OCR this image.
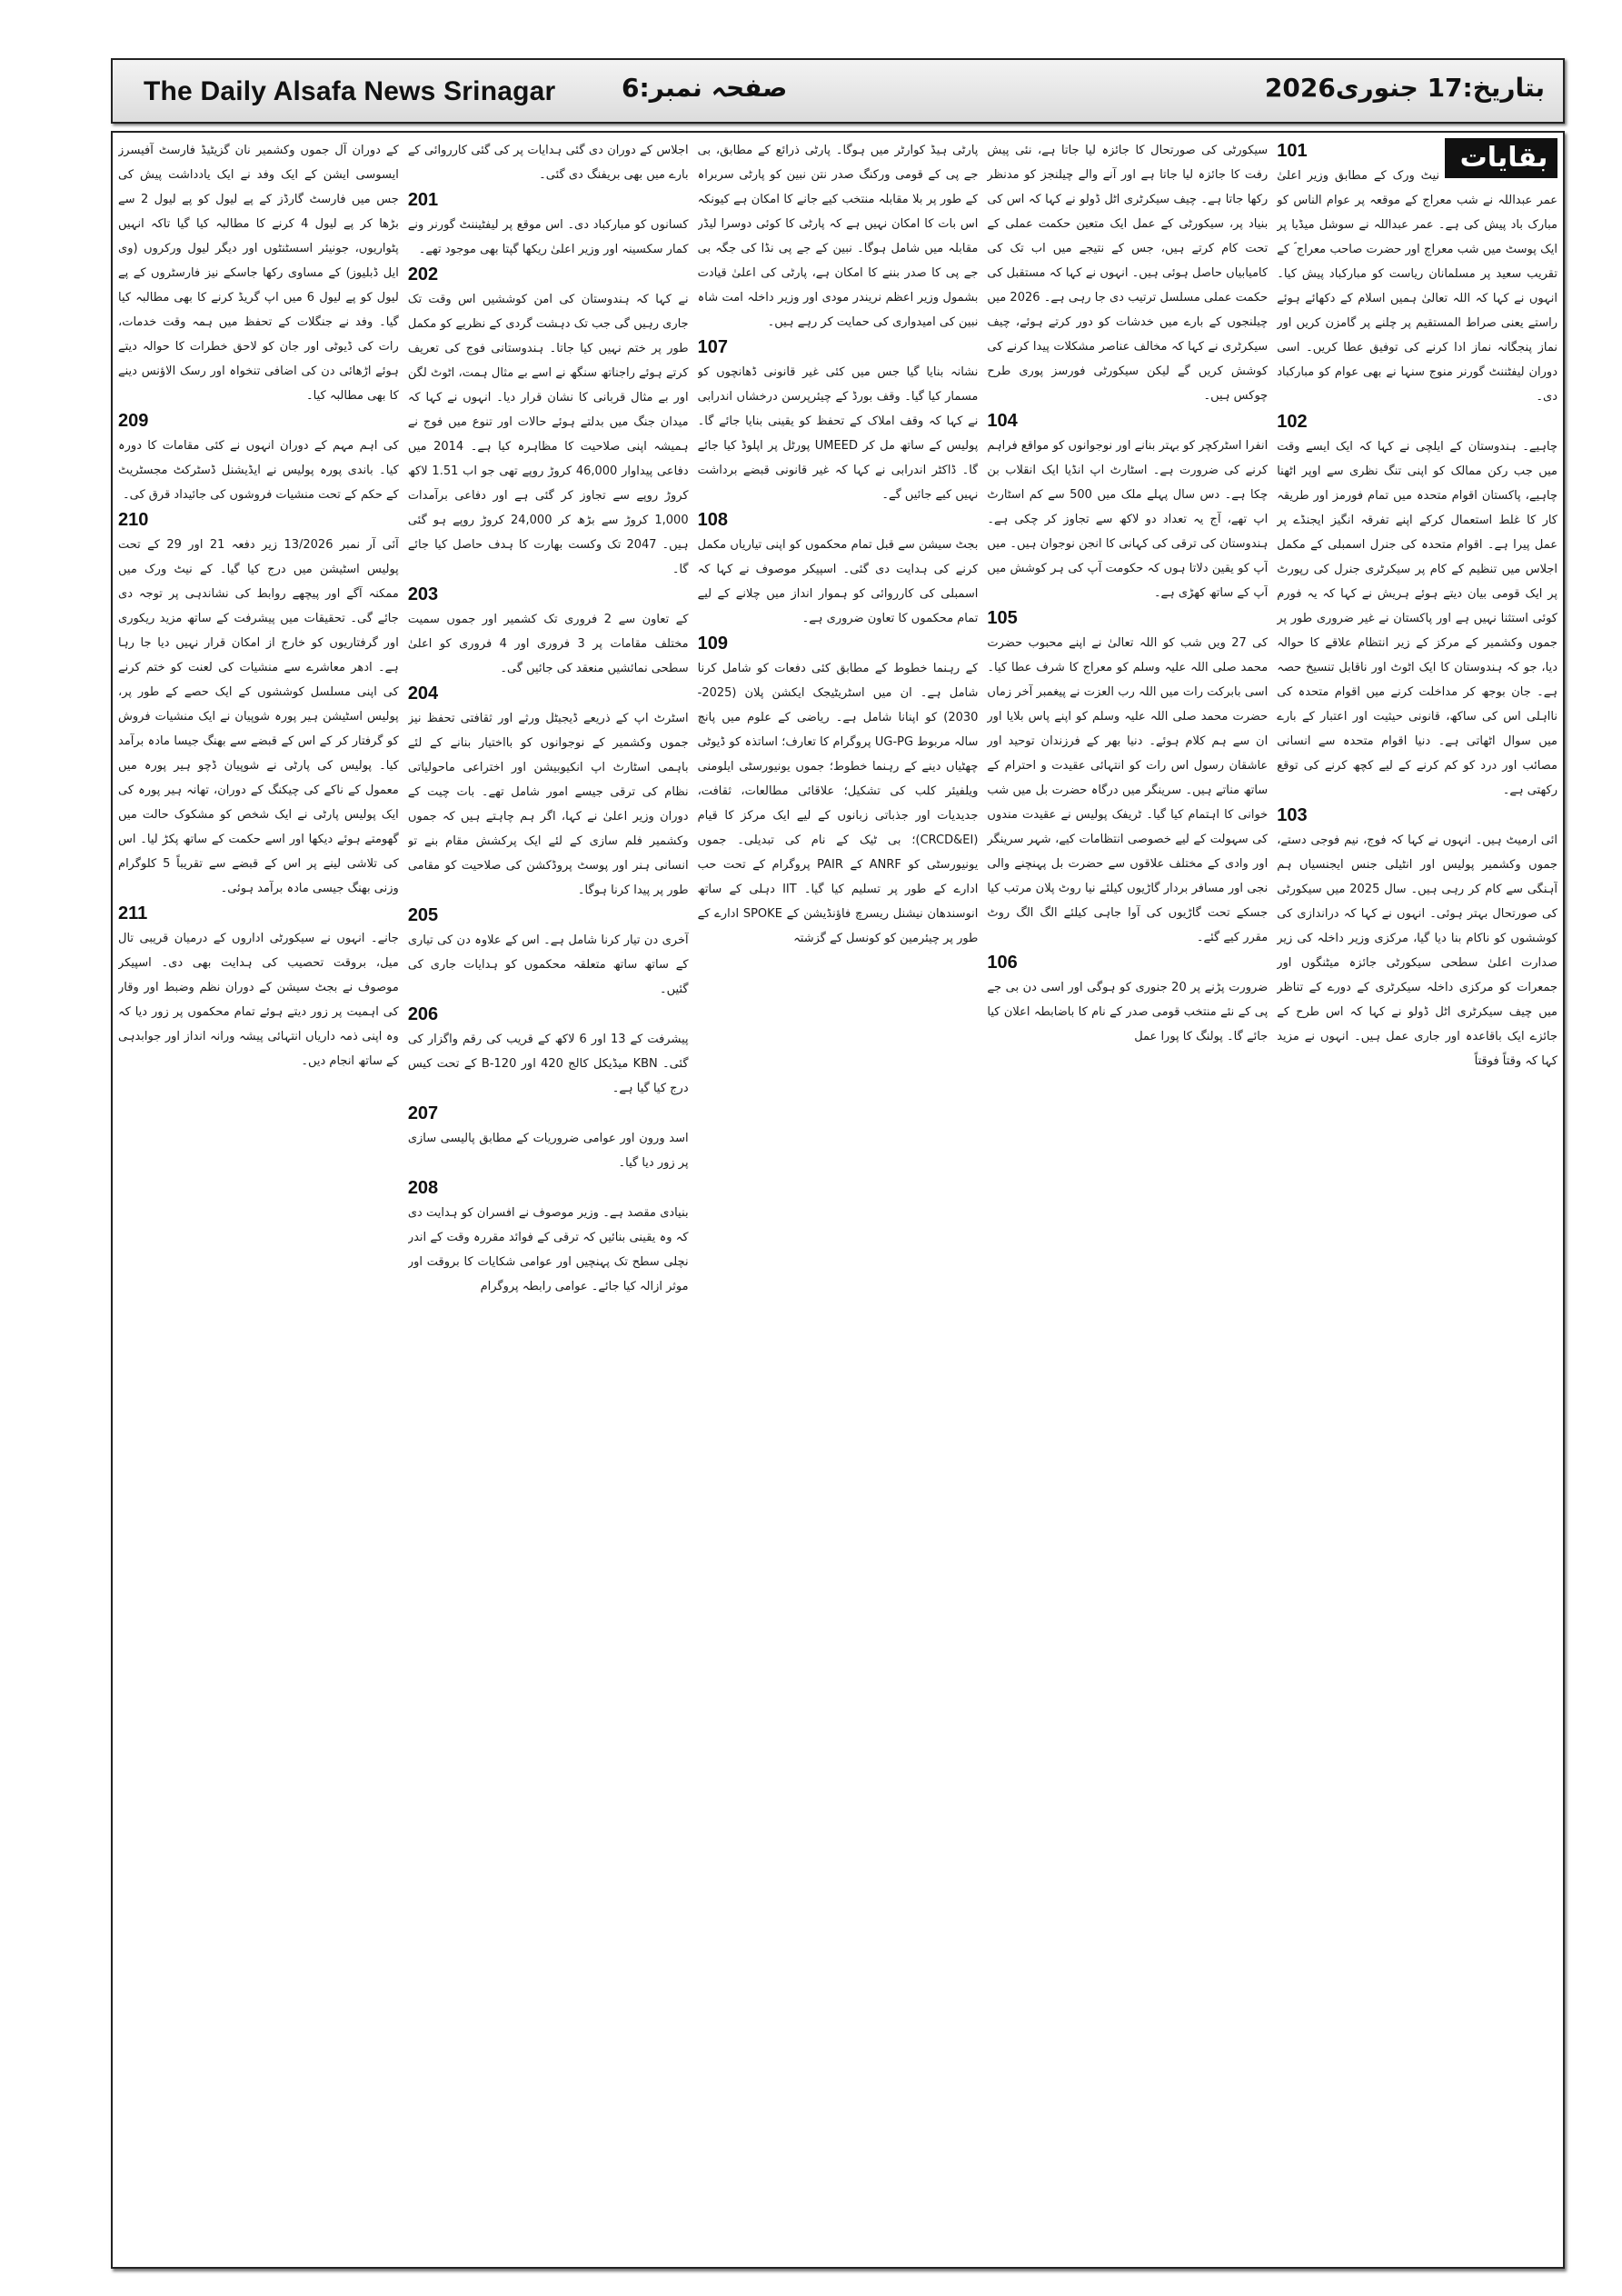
The Daily Alsafa News Srinagar	صفحہ نمبر:6	بتاریخ:17 جنوری2026
بقایات
101
نیٹ ورک کے مطابق وزیر اعلیٰ عمر عبداللہ نے شب معراج کے موقعہ پر عوام الناس کو مبارک باد پیش کی ہے۔ عمر عبداللہ نے سوشل میڈیا پر ایک پوسٹ میں شب معراج اور حضرت صاحب معراج ؐ کے تقریب سعید پر مسلمانان ریاست کو مبارکباد پیش کیا۔ انہوں نے کہا کہ اللہ تعالیٰ ہمیں اسلام کے دکھائے ہوئے راستے یعنی صراط المستقیم پر چلنے پر گامزن کریں اور نماز پنجگانہ نماز ادا کرنے کی توفیق عطا کریں۔ اسی دوران لیفٹننٹ گورنر منوج سنہا نے بھی عوام کو مبارکباد دی۔
102
چاہیے۔ ہندوستان کے ایلچی نے کہا کہ ایک ایسے وقت میں جب رکن ممالک کو اپنی تنگ نظری سے اوپر اٹھنا چاہیے، پاکستان اقوام متحدہ میں تمام فورمز اور طریقہ کار کا غلط استعمال کرکے اپنے تفرقہ انگیز ایجنڈے پر عمل پیرا ہے۔ اقوام متحدہ کی جنرل اسمبلی کے مکمل اجلاس میں تنظیم کے کام پر سیکرٹری جنرل کی رپورٹ پر ایک قومی بیان دیتے ہوئے ہریش نے کہا کہ یہ فورم کوئی استثنا نہیں ہے اور پاکستان نے غیر ضروری طور پر جموں وکشمیر کے مرکز کے زیر انتظام علاقے کا حوالہ دیا، جو کہ ہندوستان کا ایک اٹوٹ اور ناقابل تنسیخ حصہ ہے۔ جان بوجھ کر مداخلت کرنے میں اقوام متحدہ کی نااہلی اس کی ساکھ، قانونی حیثیت اور اعتبار کے بارے میں سوال اٹھاتی ہے۔ دنیا اقوام متحدہ سے انسانی مصائب اور درد کو کم کرنے کے لیے کچھ کرنے کی توقع رکھتی ہے۔
103
ائی ارمیٹ ہیں۔ انہوں نے کہا کہ فوج، نیم فوجی دستے، جموں وکشمیر پولیس اور انٹیلی جنس ایجنسیاں ہم آہنگی سے کام کر رہی ہیں۔ سال 2025 میں سیکورٹی کی صورتحال بہتر ہوئی۔ انہوں نے کہا کہ دراندازی کی کوششوں کو ناکام بنا دیا گیا، مرکزی وزیر داخلہ کی زیر صدارت اعلیٰ سطحی سیکورٹی جائزہ میٹنگوں اور جمعرات کو مرکزی داخلہ سیکرٹری کے دورے کے تناظر میں چیف سیکرٹری اٹل ڈولو نے کہا کہ اس طرح کے جائزے ایک باقاعدہ اور جاری عمل ہیں۔ انہوں نے مزید کہا کہ وقتاً فوقتاً
سیکورٹی کی صورتحال کا جائزہ لیا جاتا ہے، نئی پیش رفت کا جائزہ لیا جاتا ہے اور آنے والے چیلنجز کو مدنظر رکھا جاتا ہے۔ چیف سیکرٹری اٹل ڈولو نے کہا کہ اس کی بنیاد پر، سیکورٹی کے عمل ایک متعین حکمت عملی کے تحت کام کرتے ہیں، جس کے نتیجے میں اب تک کی کامیابیاں حاصل ہوئی ہیں۔ انہوں نے کہا کہ مستقبل کی حکمت عملی مسلسل ترتیب دی جا رہی ہے۔ 2026 میں چیلنجوں کے بارے میں خدشات کو دور کرتے ہوئے، چیف سیکرٹری نے کہا کہ مخالف عناصر مشکلات پیدا کرنے کی کوشش کریں گے لیکن سیکورٹی فورسز پوری طرح چوکس ہیں۔
104
انفرا اسٹرکچر کو بہتر بنانے اور نوجوانوں کو مواقع فراہم کرنے کی ضرورت ہے۔ اسٹارٹ اپ انڈیا ایک انقلاب بن چکا ہے۔ دس سال پہلے ملک میں 500 سے کم اسٹارٹ اپ تھے، آج یہ تعداد دو لاکھ سے تجاوز کر چکی ہے۔ ہندوستان کی ترقی کی کہانی کا انجن نوجوان ہیں۔ میں آپ کو یقین دلاتا ہوں کہ حکومت آپ کی ہر کوشش میں آپ کے ساتھ کھڑی ہے۔
105
کی 27 ویں شب کو اللہ تعالیٰ نے اپنے محبوب حضرت محمد صلی اللہ علیہ وسلم کو معراج کا شرف عطا کیا۔ اسی بابرکت رات میں اللہ رب العزت نے پیغمبر آخر زماں حضرت محمد صلی اللہ علیہ وسلم کو اپنے پاس بلایا اور ان سے ہم کلام ہوئے۔ دنیا بھر کے فرزندان توحید اور عاشقان رسول اس رات کو انتہائی عقیدت و احترام کے ساتھ مناتے ہیں۔ سرینگر میں درگاہ حضرت بل میں شب خوانی کا اہتمام کیا گیا۔ ٹریفک پولیس نے عقیدت مندوں کی سہولت کے لیے خصوصی انتظامات کیے، شہر سرینگر اور وادی کے مختلف علاقوں سے حضرت بل پہنچنے والی نجی اور مسافر بردار گاڑیوں کیلئے نیا روٹ پلان مرتب کیا جسکے تحت گاڑیوں کی آوا جاہی کیلئے الگ الگ روٹ مقرر کیے گئے۔
106
ضرورت پڑنے پر 20 جنوری کو ہوگی اور اسی دن بی جے پی کے نئے منتخب قومی صدر کے نام کا باضابطہ اعلان کیا جائے گا۔ پولنگ کا پورا عمل
پارٹی ہیڈ کوارٹر میں ہوگا۔ پارٹی ذرائع کے مطابق، بی جے پی کے قومی ورکنگ صدر نتن نبین کو پارٹی سربراہ کے طور پر بلا مقابلہ منتخب کیے جانے کا امکان ہے کیونکہ اس بات کا امکان نہیں ہے کہ پارٹی کا کوئی دوسرا لیڈر مقابلہ میں شامل ہوگا۔ نبین کے جے پی نڈا کی جگہ بی جے پی کا صدر بننے کا امکان ہے، پارٹی کی اعلیٰ قیادت بشمول وزیر اعظم نریندر مودی اور وزیر داخلہ امت شاہ نبین کی امیدواری کی حمایت کر رہے ہیں۔
107
نشانہ بنایا گیا جس میں کئی غیر قانونی ڈھانچوں کو مسمار کیا گیا۔ وقف بورڈ کے چیئرپرسن درخشاں اندرابی نے کہا کہ وقف املاک کے تحفظ کو یقینی بنایا جائے گا۔ پولیس کے ساتھ مل کر UMEED پورٹل پر اپلوڈ کیا جائے گا۔ ڈاکٹر اندرابی نے کہا کہ غیر قانونی قبضے برداشت نہیں کیے جائیں گے۔
108
بجٹ سیشن سے قبل تمام محکموں کو اپنی تیاریاں مکمل کرنے کی ہدایت دی گئی۔ اسپیکر موصوف نے کہا کہ اسمبلی کی کارروائی کو ہموار انداز میں چلانے کے لیے تمام محکموں کا تعاون ضروری ہے۔
109
کے رہنما خطوط کے مطابق کئی دفعات کو شامل کرنا شامل ہے۔ ان میں اسٹریٹیجک ایکشن پلان (2025-2030) کو اپنانا شامل ہے۔ ریاضی کے علوم میں پانچ سالہ مربوط UG-PG پروگرام کا تعارف؛ اساتذہ کو ڈیوٹی چھٹیاں دینے کے رہنما خطوط؛ جموں یونیورسٹی ایلومنی ویلفیئر کلب کی تشکیل؛ علاقائی مطالعات، ثقافت، جدیدیات اور جذباتی زبانوں کے لیے ایک مرکز کا قیام (CRCD&EI)؛ بی ٹیک کے نام کی تبدیلی۔ جموں یونیورسٹی کو ANRF کے PAIR پروگرام کے تحت حب ادارے کے طور پر تسلیم کیا گیا۔ IIT دہلی کے ساتھ انوسندھان نیشنل ریسرچ فاؤنڈیشن کے SPOKE ادارے کے طور پر چیئرمین کو کونسل کے گزشتہ
اجلاس کے دوران دی گئی ہدایات پر کی گئی کارروائی کے بارے میں بھی بریفنگ دی گئی۔
201
کسانوں کو مبارکباد دی۔ اس موقع پر لیفٹیننٹ گورنر ونے کمار سکسینہ اور وزیر اعلیٰ ریکھا گپتا بھی موجود تھے۔
202
نے کہا کہ ہندوستان کی امن کوششیں اس وقت تک جاری رہیں گی جب تک دہشت گردی کے نظریے کو مکمل طور پر ختم نہیں کیا جاتا۔ ہندوستانی فوج کی تعریف کرتے ہوئے راجناتھ سنگھ نے اسے بے مثال ہمت، اٹوٹ لگن اور بے مثال قربانی کا نشان قرار دیا۔ انہوں نے کہا کہ میدان جنگ میں بدلتے ہوئے حالات اور تنوع میں فوج نے ہمیشہ اپنی صلاحیت کا مظاہرہ کیا ہے۔ 2014 میں دفاعی پیداوار 46,000 کروڑ روپے تھی جو اب 1.51 لاکھ کروڑ روپے سے تجاوز کر گئی ہے اور دفاعی برآمدات 1,000 کروڑ سے بڑھ کر 24,000 کروڑ روپے ہو گئی ہیں۔ 2047 تک وکست بھارت کا ہدف حاصل کیا جائے گا۔
203
کے تعاون سے 2 فروری تک کشمیر اور جموں سمیت مختلف مقامات پر 3 فروری اور 4 فروری کو اعلیٰ سطحی نمائشیں منعقد کی جائیں گی۔
204
اسٹرٹ اپ کے ذریعے ڈیجیٹل ورثے اور ثقافتی تحفظ نیز جموں وکشمیر کے نوجوانوں کو بااختیار بنانے کے لئے باہمی اسٹارٹ اپ انکیوبیشن اور اختراعی ماحولیاتی نظام کی ترقی جیسے امور شامل تھے۔ بات چیت کے دوران وزیر اعلیٰ نے کہا، اگر ہم چاہتے ہیں کہ جموں وکشمیر فلم سازی کے لئے ایک پرکشش مقام بنے تو انسانی ہنر اور پوسٹ پروڈکشن کی صلاحیت کو مقامی طور پر پیدا کرنا ہوگا۔
205
آخری دن تیار کرنا شامل ہے۔ اس کے علاوہ دن کی تیاری کے ساتھ ساتھ متعلقہ محکموں کو ہدایات جاری کی گئیں۔
206
پیشرفت کے 13 اور 6 لاکھ کے قریب کی رقم واگزار کی گئی۔ KBN میڈیکل کالج 420 اور 120-B کے تحت کیس درج کیا گیا ہے۔
207
اسد ورون اور عوامی ضروریات کے مطابق پالیسی سازی پر زور دیا گیا۔
208
بنیادی مقصد ہے۔ وزیر موصوف نے افسران کو ہدایت دی کہ وہ یقینی بنائیں کہ ترقی کے فوائد مقررہ وقت کے اندر نچلی سطح تک پہنچیں اور عوامی شکایات کا بروقت اور موثر ازالہ کیا جائے۔ عوامی رابطہ پروگرام
کے دوران آل جموں وکشمیر نان گزیٹیڈ فارسٹ آفیسرز ایسوسی ایشن کے ایک وفد نے ایک یادداشت پیش کی جس میں فارسٹ گارڈز کے پے لیول کو پے لیول 2 سے بڑھا کر پے لیول 4 کرنے کا مطالبہ کیا گیا تاکہ انہیں پٹواریوں، جونیئر اسسٹنٹوں اور دیگر لیول ورکروں (وی ایل ڈبلیوز) کے مساوی رکھا جاسکے نیز فارسٹروں کے پے لیول کو پے لیول 6 میں اپ گریڈ کرنے کا بھی مطالبہ کیا گیا۔ وفد نے جنگلات کے تحفظ میں ہمہ وقت خدمات، رات کی ڈیوٹی اور جان کو لاحق خطرات کا حوالہ دیتے ہوئے اڑھائی دن کی اضافی تنخواہ اور رسک الاؤنس دینے کا بھی مطالبہ کیا۔
209
کی اہم مہم کے دوران انہوں نے کئی مقامات کا دورہ کیا۔ باندی پورہ پولیس نے ایڈیشنل ڈسٹرکٹ مجسٹریٹ کے حکم کے تحت منشیات فروشوں کی جائیداد قرق کی۔
210
آئی آر نمبر 13/2026 زیر دفعہ 21 اور 29 کے تحت پولیس اسٹیشن میں درج کیا گیا۔ کے نیٹ ورک میں ممکنہ آگے اور پیچھے روابط کی نشاندہی پر توجہ دی جائے گی۔ تحقیقات میں پیشرفت کے ساتھ مزید ریکوری اور گرفتاریوں کو خارج از امکان قرار نہیں دیا جا رہا ہے۔ ادھر معاشرے سے منشیات کی لعنت کو ختم کرنے کی اپنی مسلسل کوششوں کے ایک حصے کے طور پر، پولیس اسٹیشن ہیر پورہ شوپیان نے ایک منشیات فروش کو گرفتار کر کے اس کے قبضے سے بھنگ جیسا مادہ برآمد کیا۔ پولیس کی پارٹی نے شوپیان ڈچو ہیر پورہ میں معمول کے ناکے کی چیکنگ کے دوران، تھانہ ہیر پورہ کی ایک پولیس پارٹی نے ایک شخص کو مشکوک حالت میں گھومتے ہوئے دیکھا اور اسے حکمت کے ساتھ پکڑ لیا۔ اس کی تلاشی لینے پر اس کے قبضے سے تقریباً 5 کلوگرام وزنی بھنگ جیسی مادہ برآمد ہوئی۔
211
جانے۔ انہوں نے سیکورٹی اداروں کے درمیان قریبی تال میل، بروقت تحصیب کی ہدایت بھی دی۔ اسپیکر موصوف نے بجٹ سیشن کے دوران نظم وضبط اور وقار کی اہمیت پر زور دیتے ہوئے تمام محکموں پر زور دیا کہ وہ اپنی ذمہ داریاں انتہائی پیشہ ورانہ انداز اور جوابدہی کے ساتھ انجام دیں۔
